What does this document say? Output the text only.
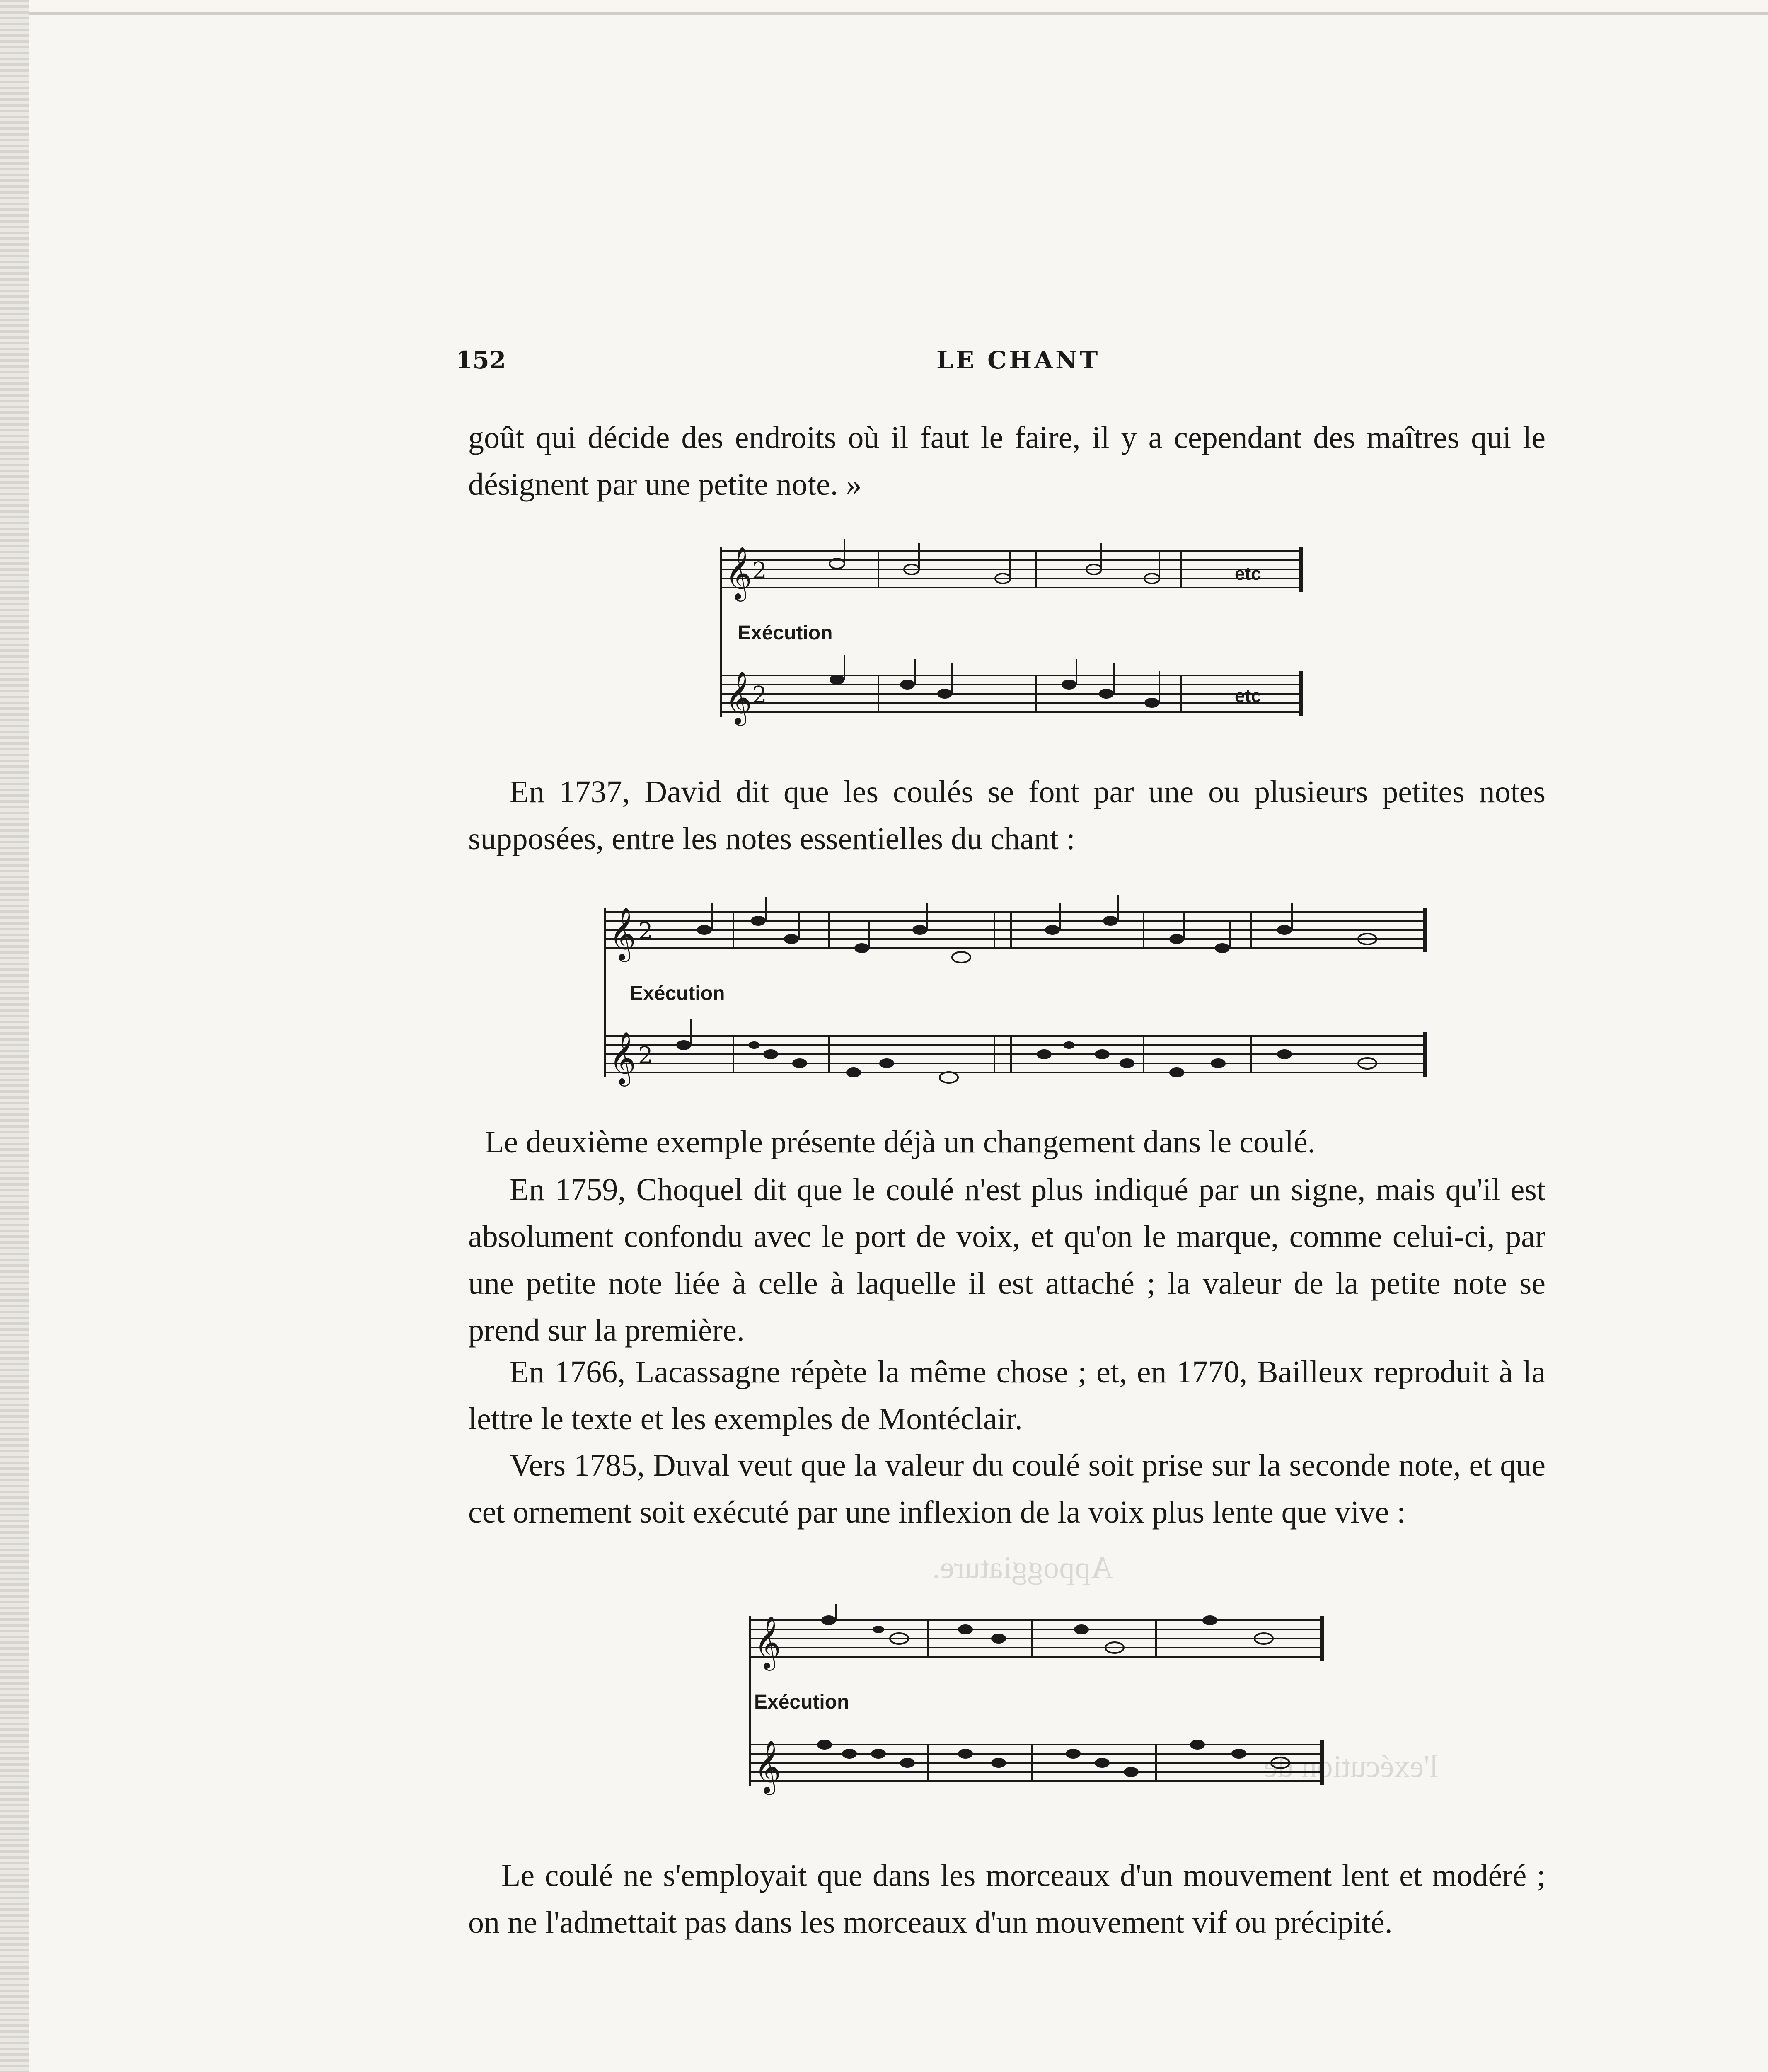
Appoggiature.
l'exécution de
152	LE CHANT
goût qui décide des endroits où il faut le faire, il y a cependant des maîtres qui le désignent par une petite note. »
𝄞
𝄞
2
2
Exécution
etc
etc
En 1737, David dit que les coulés se font par une ou plusieurs petites notes supposées, entre les notes essentielles du chant :
𝄞
𝄞
2
2
Exécution
Le deuxième exemple présente déjà un changement dans le coulé.
En 1759, Choquel dit que le coulé n'est plus indiqué par un signe, mais qu'il est absolument confondu avec le port de voix, et qu'on le marque, comme celui-ci, par une petite note liée à celle à laquelle il est attaché ; la valeur de la petite note se prend sur la première.
En 1766, Lacassagne répète la même chose ; et, en 1770, Bailleux reproduit à la lettre le texte et les exemples de Montéclair.
Vers 1785, Duval veut que la valeur du coulé soit prise sur la seconde note, et que cet ornement soit exécuté par une inflexion de la voix plus lente que vive :
𝄞
𝄞
Exécution
Le coulé ne s'employait que dans les morceaux d'un mouvement lent et modéré ; on ne l'admettait pas dans les morceaux d'un mouvement vif ou précipité.
